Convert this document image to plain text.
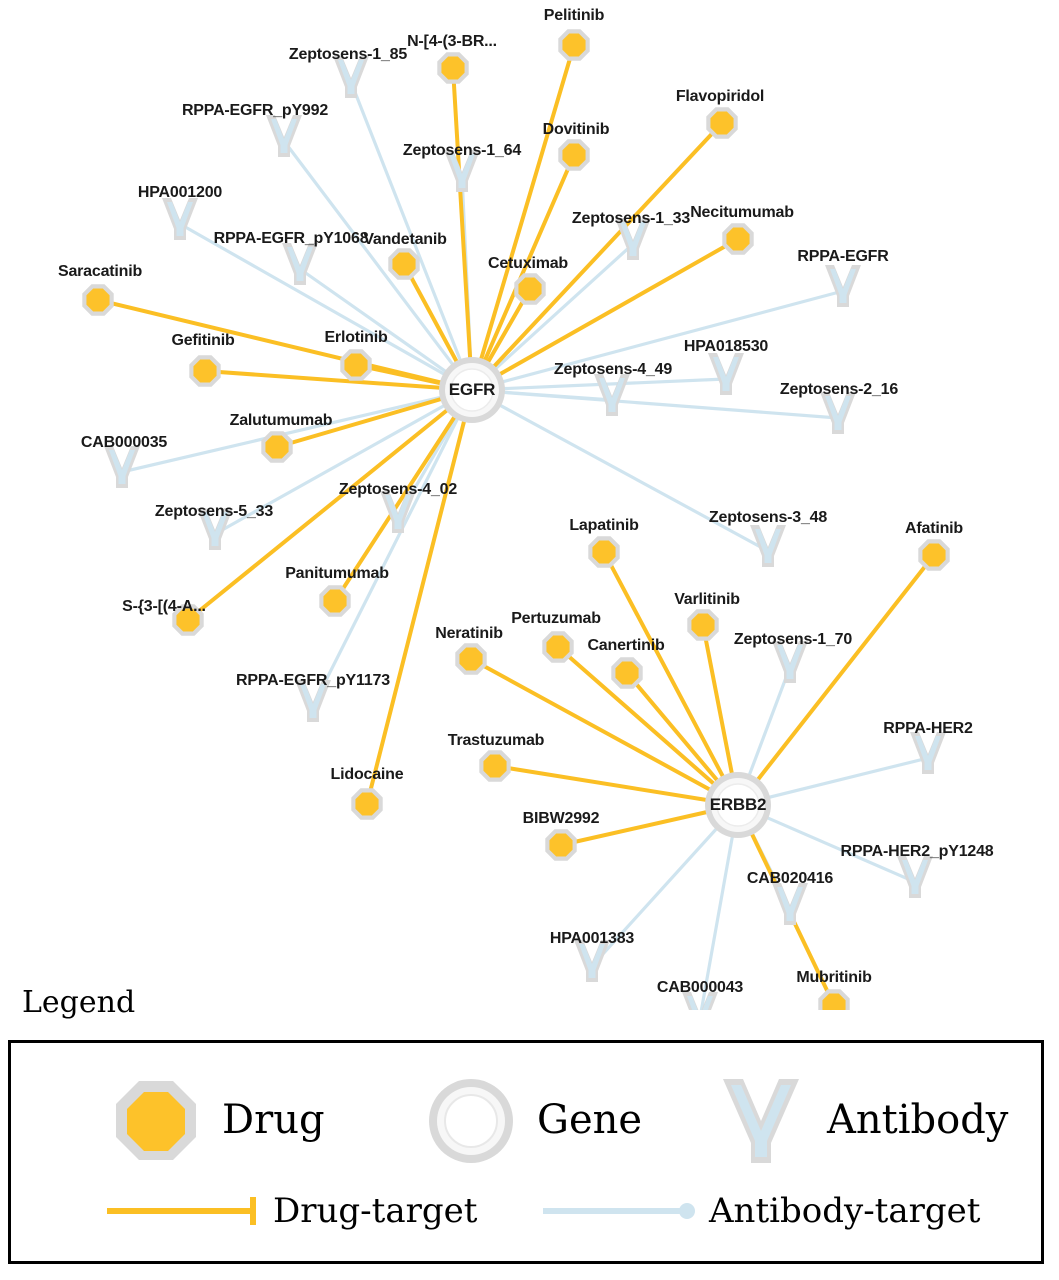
Pelitinib
N-[4-(3-BR...
Flavopiridol
Dovitinib
Necitumumab
Vandetanib
Cetuximab
Saracatinib
Erlotinib
Gefitinib
Zalutumumab
Lapatinib	Afatinib
Panitumumab
Varlitinib
S-{3-[(4-A...
Neratinib
Pertuzumab
Canertinib
Trastuzumab
Lidocaine
BIBW2992
Mubritinib
Zeptosens-1_85
RPPA-EGFR_pY992
Zeptosens-1_64
HPA001200
Zeptosens-1_33
RPPA-EGFR_pY1068
RPPA-EGFR
HPA018530
Zeptosens-4_49
Zeptosens-2_16
CAB000035
Zeptosens-4_02
Zeptosens-5_33	Zeptosens-3_48
RPPA-EGFR_pY1173
Zeptosens-1_70
RPPA-HER2
RPPA-HER2_pY1248
CAB020416
HPA001383
CAB000043
EGFR
ERBB2
Legend
Drug	Gene	Antibody
Drug-target	Antibody-target
